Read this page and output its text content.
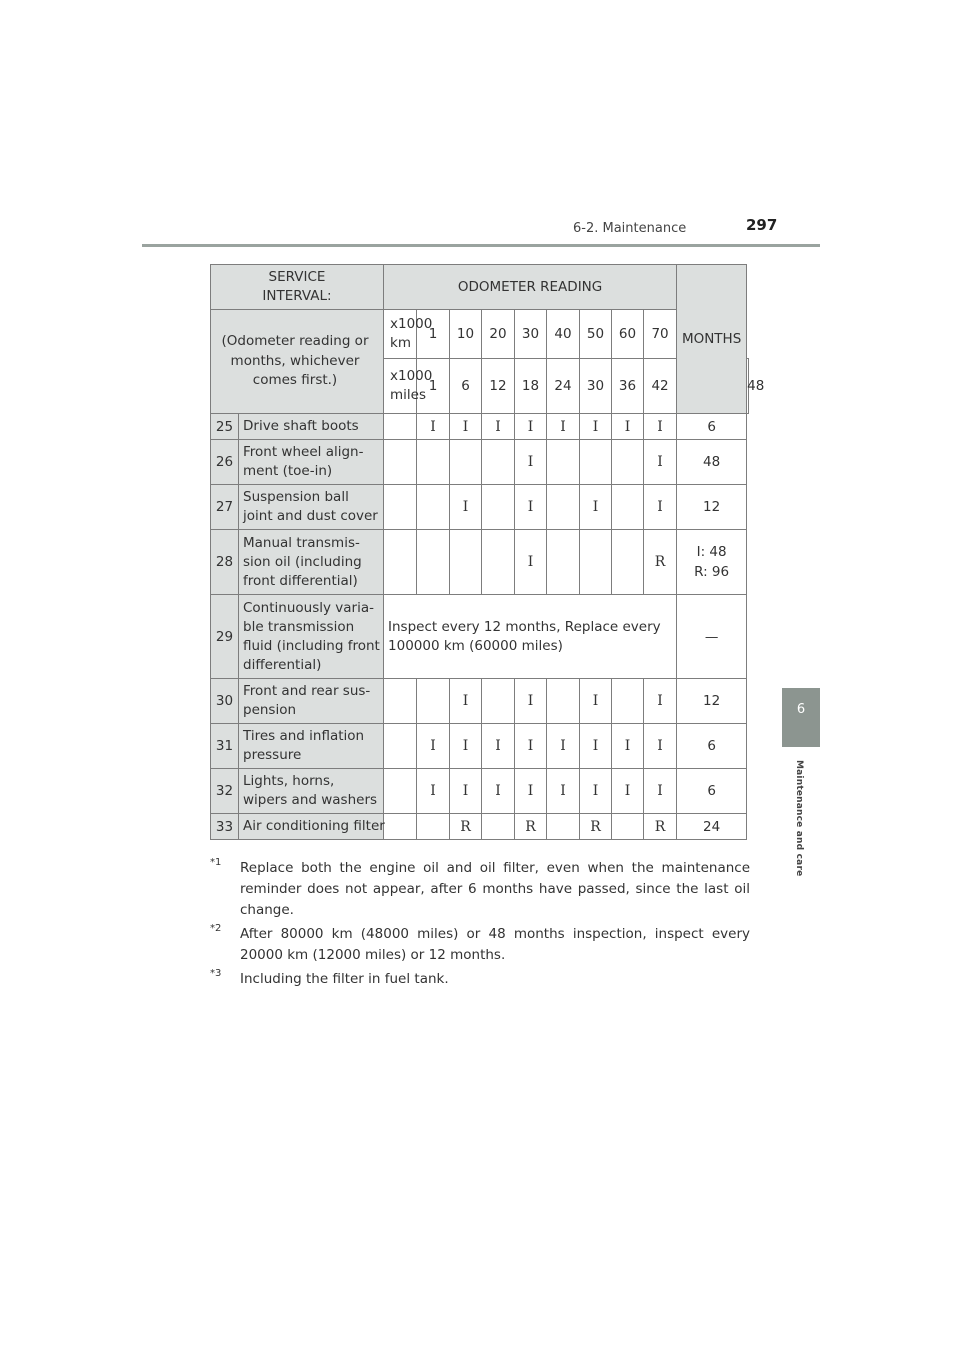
6-2. Maintenance	297
6
Maintenance and care
SERVICE INTERVAL:		ODOMETER READING									MONTHS	
(Odometer reading or months, whichever comes first.)		x1000 km	1	10	20	30	40	50	60	70		
		x1000 miles	1	6	12	18	24	30	36	42		48
25	Drive shaft boots		I	I	I	I	I	I	I	I	6	
26	Front wheel align-ment (toe-in)					I				I	48	
27	Suspension ball joint and dust cover			I		I		I		I	12	
28	Manual transmis-sion oil (including front differential)					I				R	I: 48
R: 96	

29	Continuously varia-ble transmission fluid (including front differential)	Inspect every 12 months, Replace every 100000 km (60000 miles)									—	
30	Front and rear sus-pension			I		I		I		I	12	
31	Tires and inflation pressure		I	I	I	I	I	I	I	I	6	
32	Lights, horns, wipers and washers		I	I	I	I	I	I	I	I	6	
33	Air conditioning filter			R		R		R		R	24	
*1 Replace both the engine oil and oil filter, even when the maintenance reminder does not appear, after 6 months have passed, since the last oil change.
*2 After 80000 km (48000 miles) or 48 months inspection, inspect every 20000 km (12000 miles) or 12 months.
*3 Including the filter in fuel tank.
